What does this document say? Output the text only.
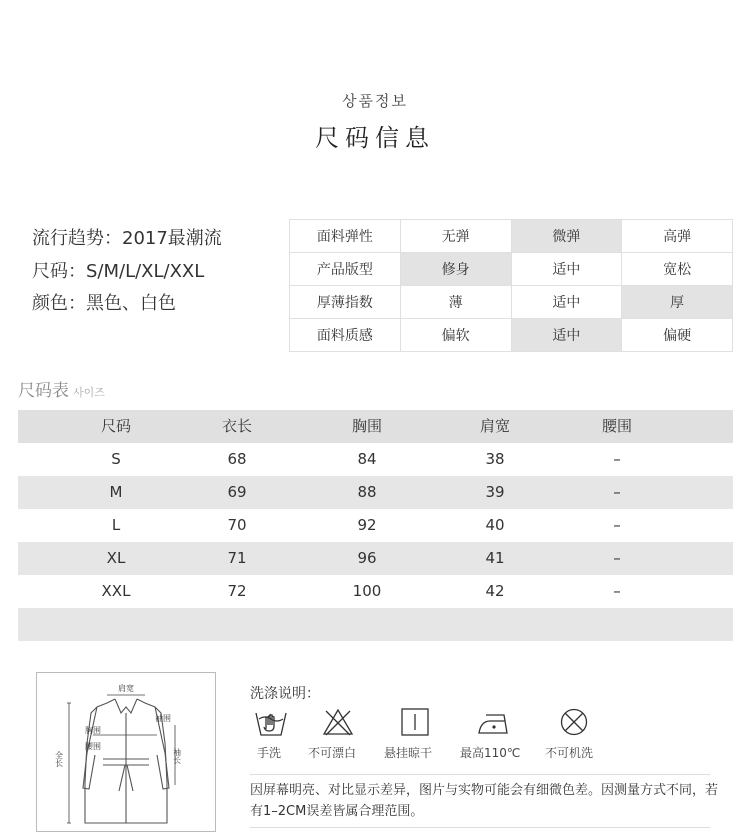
상품정보
尺码信息
流行趋势：2017最潮流
尺码：S/M/L/XL/XXL
颜色：黑色、白色
面料弹性	无弹	微弹	高弹
产品版型	修身	适中	宽松
厚薄指数	薄	适中	厚
面料质感	偏软	适中	偏硬
尺码表 사이즈
尺码	衣长	胸围	肩宽	腰围
S	68	84	38	–
M	69	88	39	–
L	70	92	40	–
XL	71	96	41	–
XXL	72	100	42	–
肩宽
袖围
胸围
腰围
袖长
全长
洗涤说明：
手洗 不可漂白 悬挂晾干 最高110℃ 不可机洗
因屏幕明亮、对比显示差异，图片与实物可能会有细微色差。因测量方式不同，若有1–2CM误差皆属合理范围。
